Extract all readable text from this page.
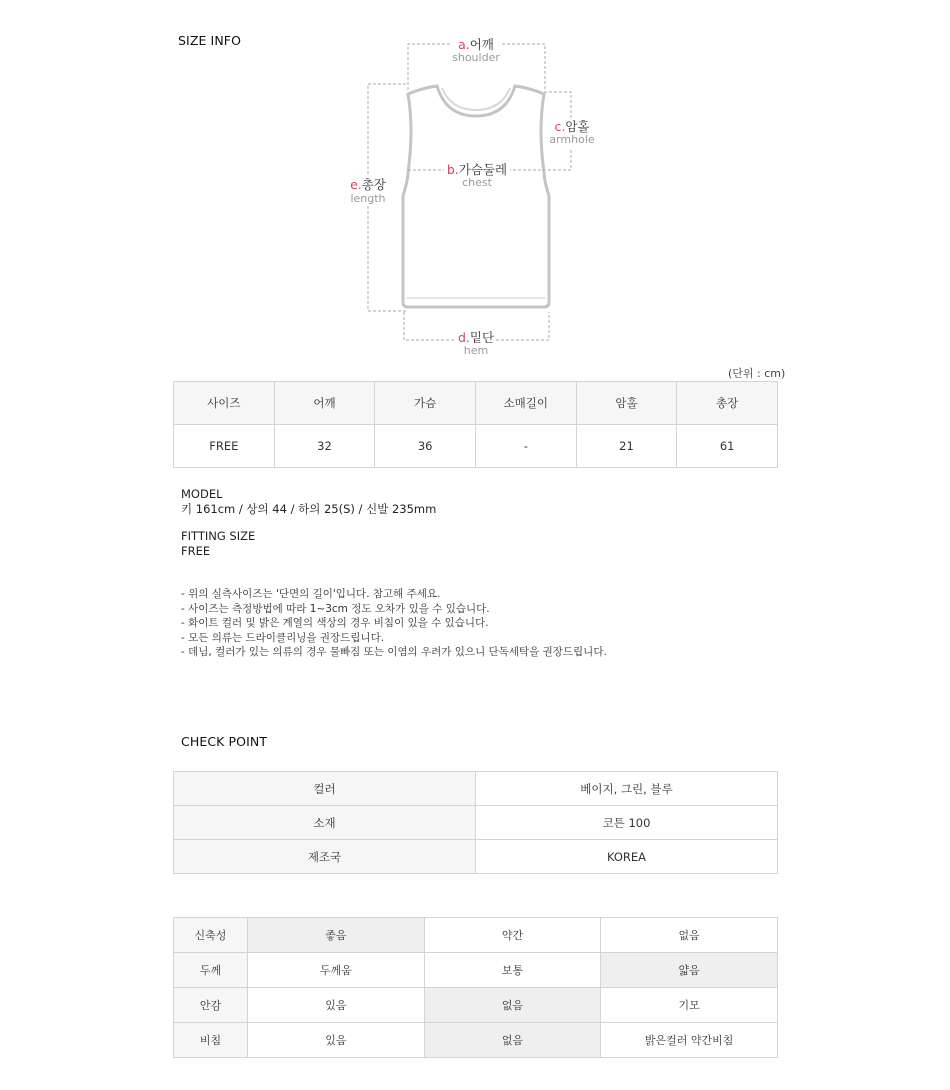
SIZE INFO	a.어깨
shoulder
c.암홀
armhole
b.가슴둘레
chest
e.총장
length
d.밑단
hem
(단위 : cm)
사이즈	어깨	가슴	소매길이	암홀	총장
FREE	32	36	-	21	61
MODEL
키 161cm / 상의 44 / 하의 25(S) / 신발 235mm
FITTING SIZE
FREE
- 위의 실측사이즈는 '단면의 길이'입니다. 참고해 주세요.
- 사이즈는 측정방법에 따라 1~3cm 정도 오차가 있을 수 있습니다.
- 화이트 컬러 및 밝은 계열의 색상의 경우 비침이 있을 수 있습니다.
- 모든 의류는 드라이클리닝을 권장드립니다.
- 데님, 컬러가 있는 의류의 경우 물빠짐 또는 이염의 우려가 있으니 단독세탁을 권장드립니다.
CHECK POINT
컬러	베이지, 그린, 블루
소재	코튼 100
제조국	KOREA
신축성	좋음	약간	없음
두께	두께움	보통	얇음
안감	있음	없음	기모
비침	있음	없음	밝은컬러 약간비침
